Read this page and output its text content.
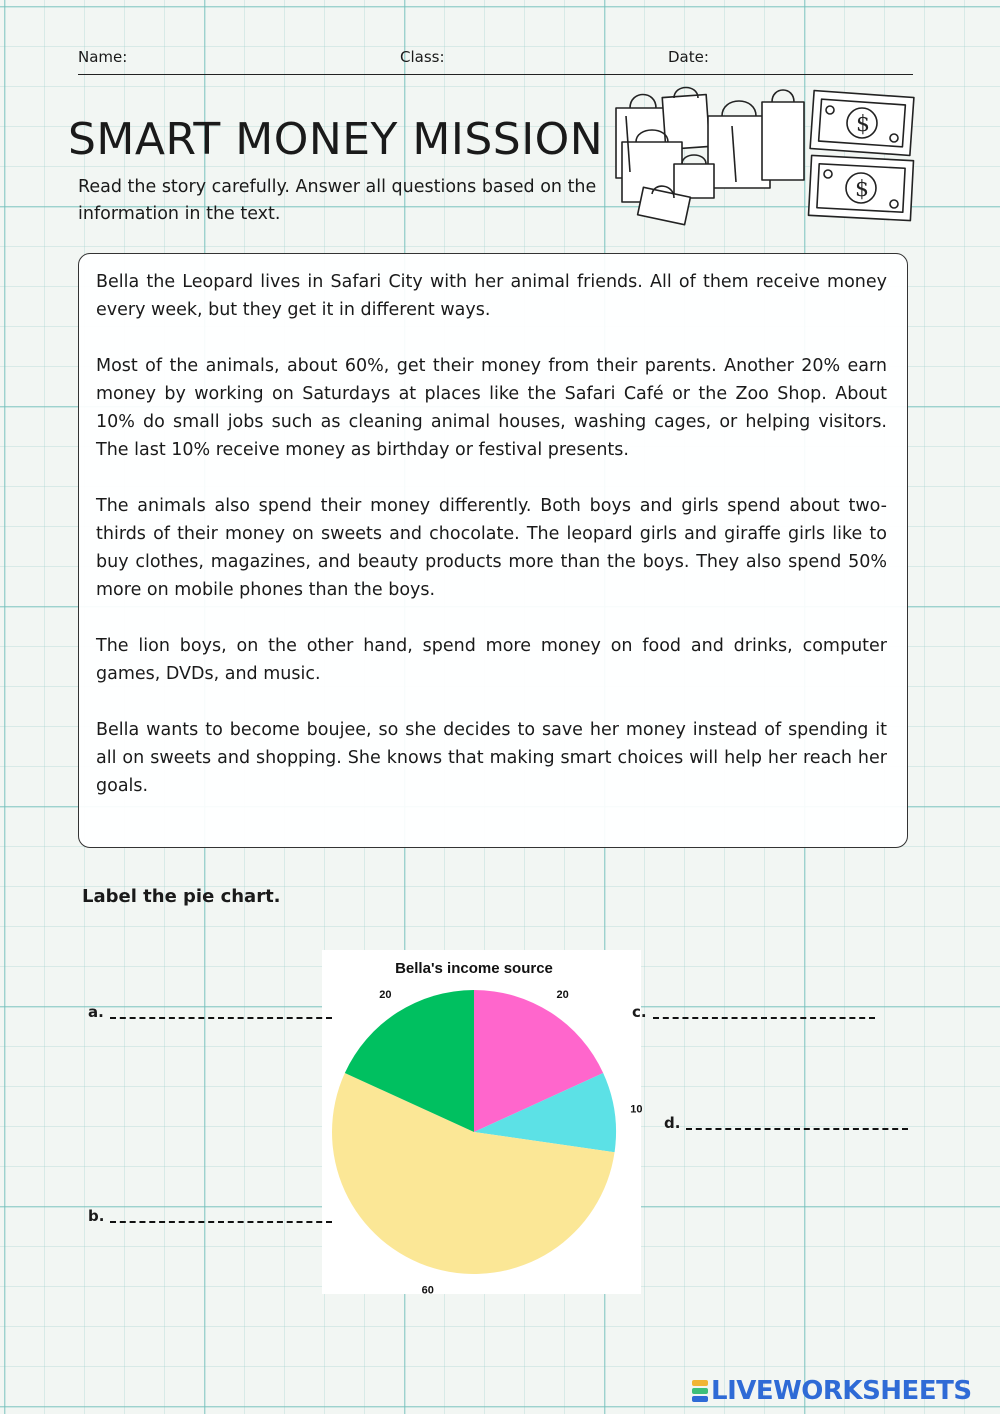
Name:	Class:	Date:
SMART MONEY MISSION

Read the story carefully. Answer all questions based on the information in the text.

$
$

Bella the Leopard lives in Safari City with her animal friends. All of them receive money every week, but they get it in different ways.

Most of the animals, about 60%, get their money from their parents. Another 20% earn money by working on Saturdays at places like the Safari Café or the Zoo Shop. About 10% do small jobs such as cleaning animal houses, washing cages, or helping visitors. The last 10% receive money as birthday or festival presents.

The animals also spend their money differently. Both boys and girls spend about two-thirds of their money on sweets and chocolate. The leopard girls and giraffe girls like to buy clothes, magazines, and beauty products more than the boys. They also spend 50% more on mobile phones than the boys.

The lion boys, on the other hand, spend more money on food and drinks, computer games, DVDs, and music.

Bella wants to become boujee, so she decides to save her money instead of spending it all on sweets and shopping. She knows that making smart choices will help her reach her goals.

Label the pie chart.

Bella's income source
20
10
60
20
a.
b.
c.
d.
LIVEWORKSHEETS
